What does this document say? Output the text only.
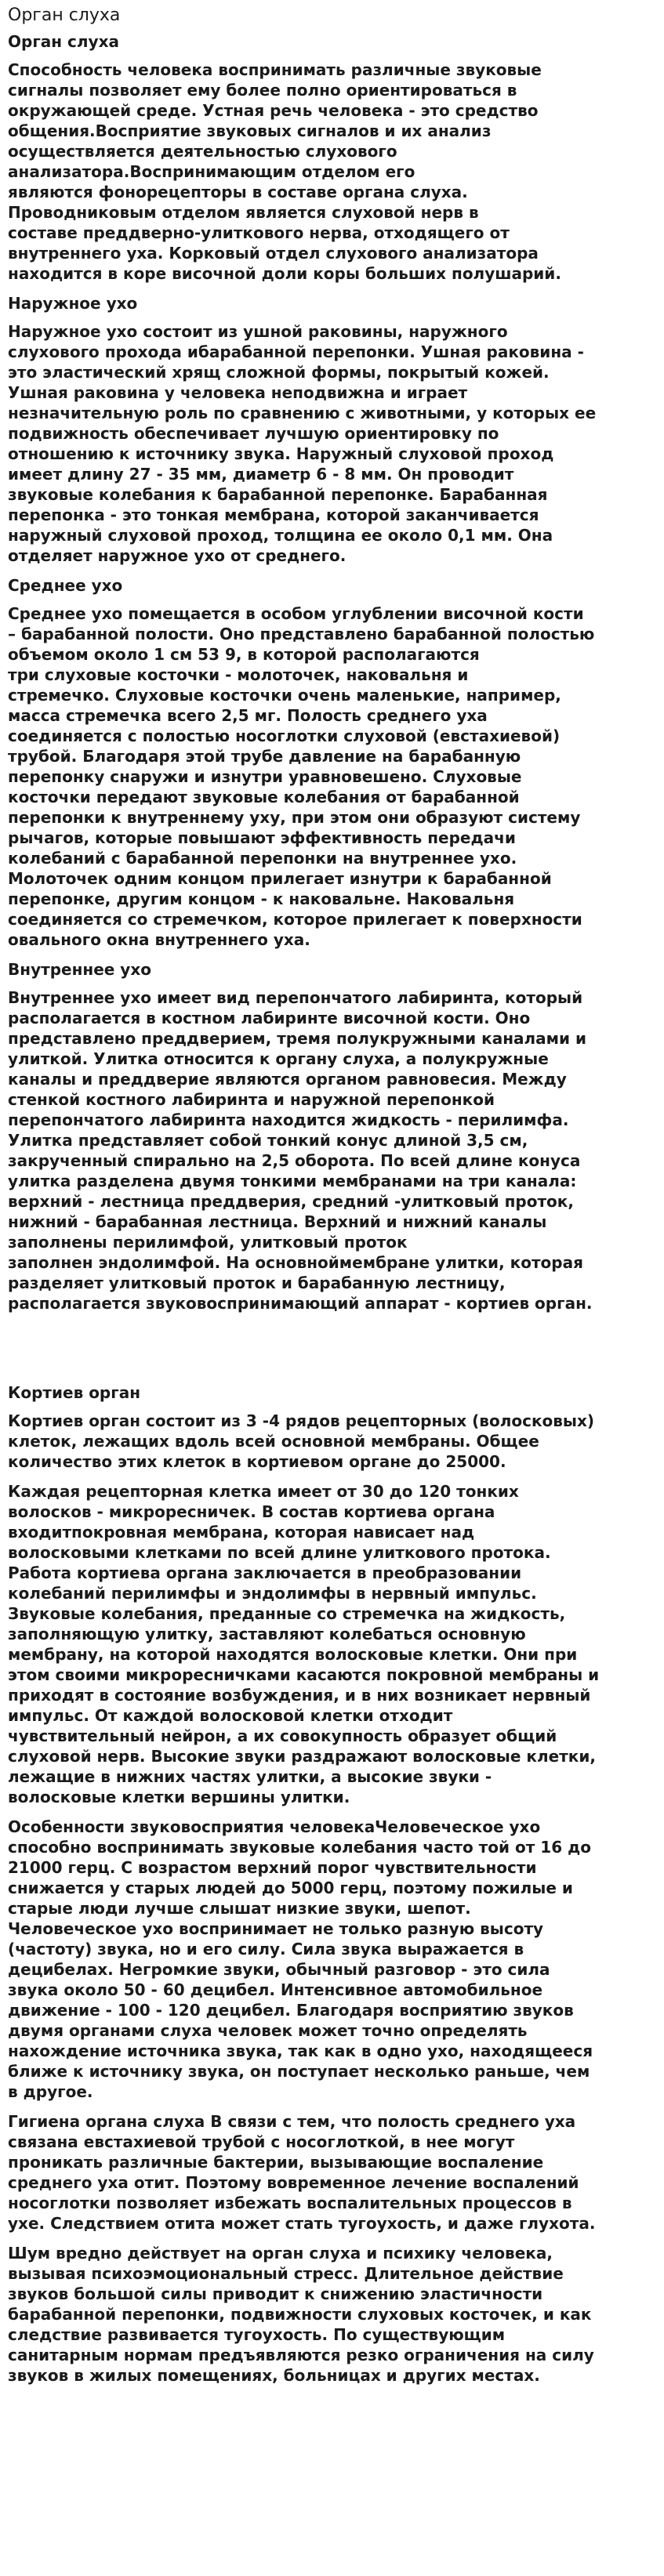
Орган слуха
Орган слуха

Способность человека воспринимать различные звуковые
сигналы позволяет ему более полно ориентироваться в
окружающей среде. Устная речь человека - это средство
общения.Восприятие звуковых сигналов и их анализ
осуществляется деятельностью слухового
анализатора.Воспринимающим отделом его
являются фонорецепторы в составе органа слуха.
Проводниковым отделом является слуховой нерв в
составе преддверно-улиткового нерва, отходящего от
внутреннего уха. Корковый отдел слухового анализатора
находится в коре височной доли коры больших полушарий.

Наружное ухо

Наружное ухо состоит из ушной раковины, наружного
слухового прохода ибарабанной перепонки. Ушная раковина -
это эластический хрящ сложной формы, покрытый кожей.
Ушная раковина у человека неподвижна и играет
незначительную роль по сравнению с животными, у которых ее
подвижность обеспечивает лучшую ориентировку по
отношению к источнику звука. Наружный слуховой проход
имеет длину 27 - 35 мм, диаметр 6 - 8 мм. Он проводит
звуковые колебания к барабанной перепонке. Барабанная
перепонка - это тонкая мембрана, которой заканчивается
наружный слуховой проход, толщина ее около 0,1 мм. Она
отделяет наружное ухо от среднего.

Среднее ухо

Среднее ухо помещается в особом углублении височной кости
– барабанной полости. Оно представлено барабанной полостью
объемом около 1 см 53 9, в которой располагаются
три слуховые косточки - молоточек, наковальня и
стремечко. Слуховые косточки очень маленькие, например,
масса стремечка всего 2,5 мг. Полость среднего уха
соединяется с полостью носоглотки слуховой (евстахиевой)
трубой. Благодаря этой трубе давление на барабанную
перепонку снаружи и изнутри уравновешено. Слуховые
косточки передают звуковые колебания от барабанной
перепонки к внутреннему уху, при этом они образуют систему
рычагов, которые повышают эффективность передачи
колебаний с барабанной перепонки на внутреннее ухо.
Молоточек одним концом прилегает изнутри к барабанной
перепонке, другим концом - к наковальне. Наковальня
соединяется со стремечком, которое прилегает к поверхности
овального окна внутреннего уха.

Внутреннее ухо

Внутреннее ухо имеет вид перепончатого лабиринта, который
располагается в костном лабиринте височной кости. Оно
представлено преддверием, тремя полукружными каналами и
улиткой. Улитка относится к органу слуха, а полукружные
каналы и преддверие являются органом равновесия. Между
стенкой костного лабиринта и наружной перепонкой
перепончатого лабиринта находится жидкость - перилимфа.
Улитка представляет собой тонкий конус длиной 3,5 см,
закрученный спирально на 2,5 оборота. По всей длине конуса
улитка разделена двумя тонкими мембранами на три канала:
верхний - лестница преддверия, средний -улитковый проток,
нижний - барабанная лестница. Верхний и нижний каналы
заполнены перилимфой, улитковый проток
заполнен эндолимфой. На основноймембране улитки, которая
разделяет улитковый проток и барабанную лестницу,
располагается звуковоспринимающий аппарат - кортиев орган.

Кортиев орган

Кортиев орган состоит из 3 -4 рядов рецепторных (волосковых)
клеток, лежащих вдоль всей основной мембраны. Общее
количество этих клеток в кортиевом органе до 25000.

Каждая рецепторная клетка имеет от 30 до 120 тонких
волосков - микроресничек. В состав кортиева органа
входитпокровная мембрана, которая нависает над
волосковыми клетками по всей длине улиткового протока.
Работа кортиева органа заключается в преобразовании
колебаний перилимфы и эндолимфы в нервный импульс.
Звуковые колебания, преданные со стремечка на жидкость,
заполняющую улитку, заставляют колебаться основную
мембрану, на которой находятся волосковые клетки. Они при
этом своими микроресничками касаются покровной мембраны и
приходят в состояние возбуждения, и в них возникает нервный
импульс. От каждой волосковой клетки отходит
чувствительный нейрон, а их совокупность образует общий
слуховой нерв. Высокие звуки раздражают волосковые клетки,
лежащие в нижних частях улитки, а высокие звуки -
волосковые клетки вершины улитки.

Особенности звуковосприятия человекаЧеловеческое ухо
способно воспринимать звуковые колебания часто той от 16 до
21000 герц. С возрастом верхний порог чувствительности
снижается у старых людей до 5000 герц, поэтому пожилые и
старые люди лучше слышат низкие звуки, шепот.
Человеческое ухо воспринимает не только разную высоту
(частоту) звука, но и его силу. Сила звука выражается в
децибелах. Негромкие звуки, обычный разговор - это сила
звука около 50 - 60 децибел. Интенсивное автомобильное
движение - 100 - 120 децибел. Благодаря восприятию звуков
двумя органами слуха человек может точно определять
нахождение источника звука, так как в одно ухо, находящееся
ближе к источнику звука, он поступает несколько раньше, чем
в другое.

Гигиена органа слуха В связи с тем, что полость среднего уха
связана евстахиевой трубой с носоглоткой, в нее могут
проникать различные бактерии, вызывающие воспаление
среднего уха отит. Поэтому вовременное лечение воспалений
носоглотки позволяет избежать воспалительных процессов в
ухе. Следствием отита может стать тугоухость, и даже глухота.

Шум вредно действует на орган слуха и психику человека,
вызывая психоэмоциональный стресс. Длительное действие
звуков большой силы приводит к снижению эластичности
барабанной перепонки, подвижности слуховых косточек, и как
следствие развивается тугоухость. По существующим
санитарным нормам предъявляются резко ограничения на силу
звуков в жилых помещениях, больницах и других местах.
